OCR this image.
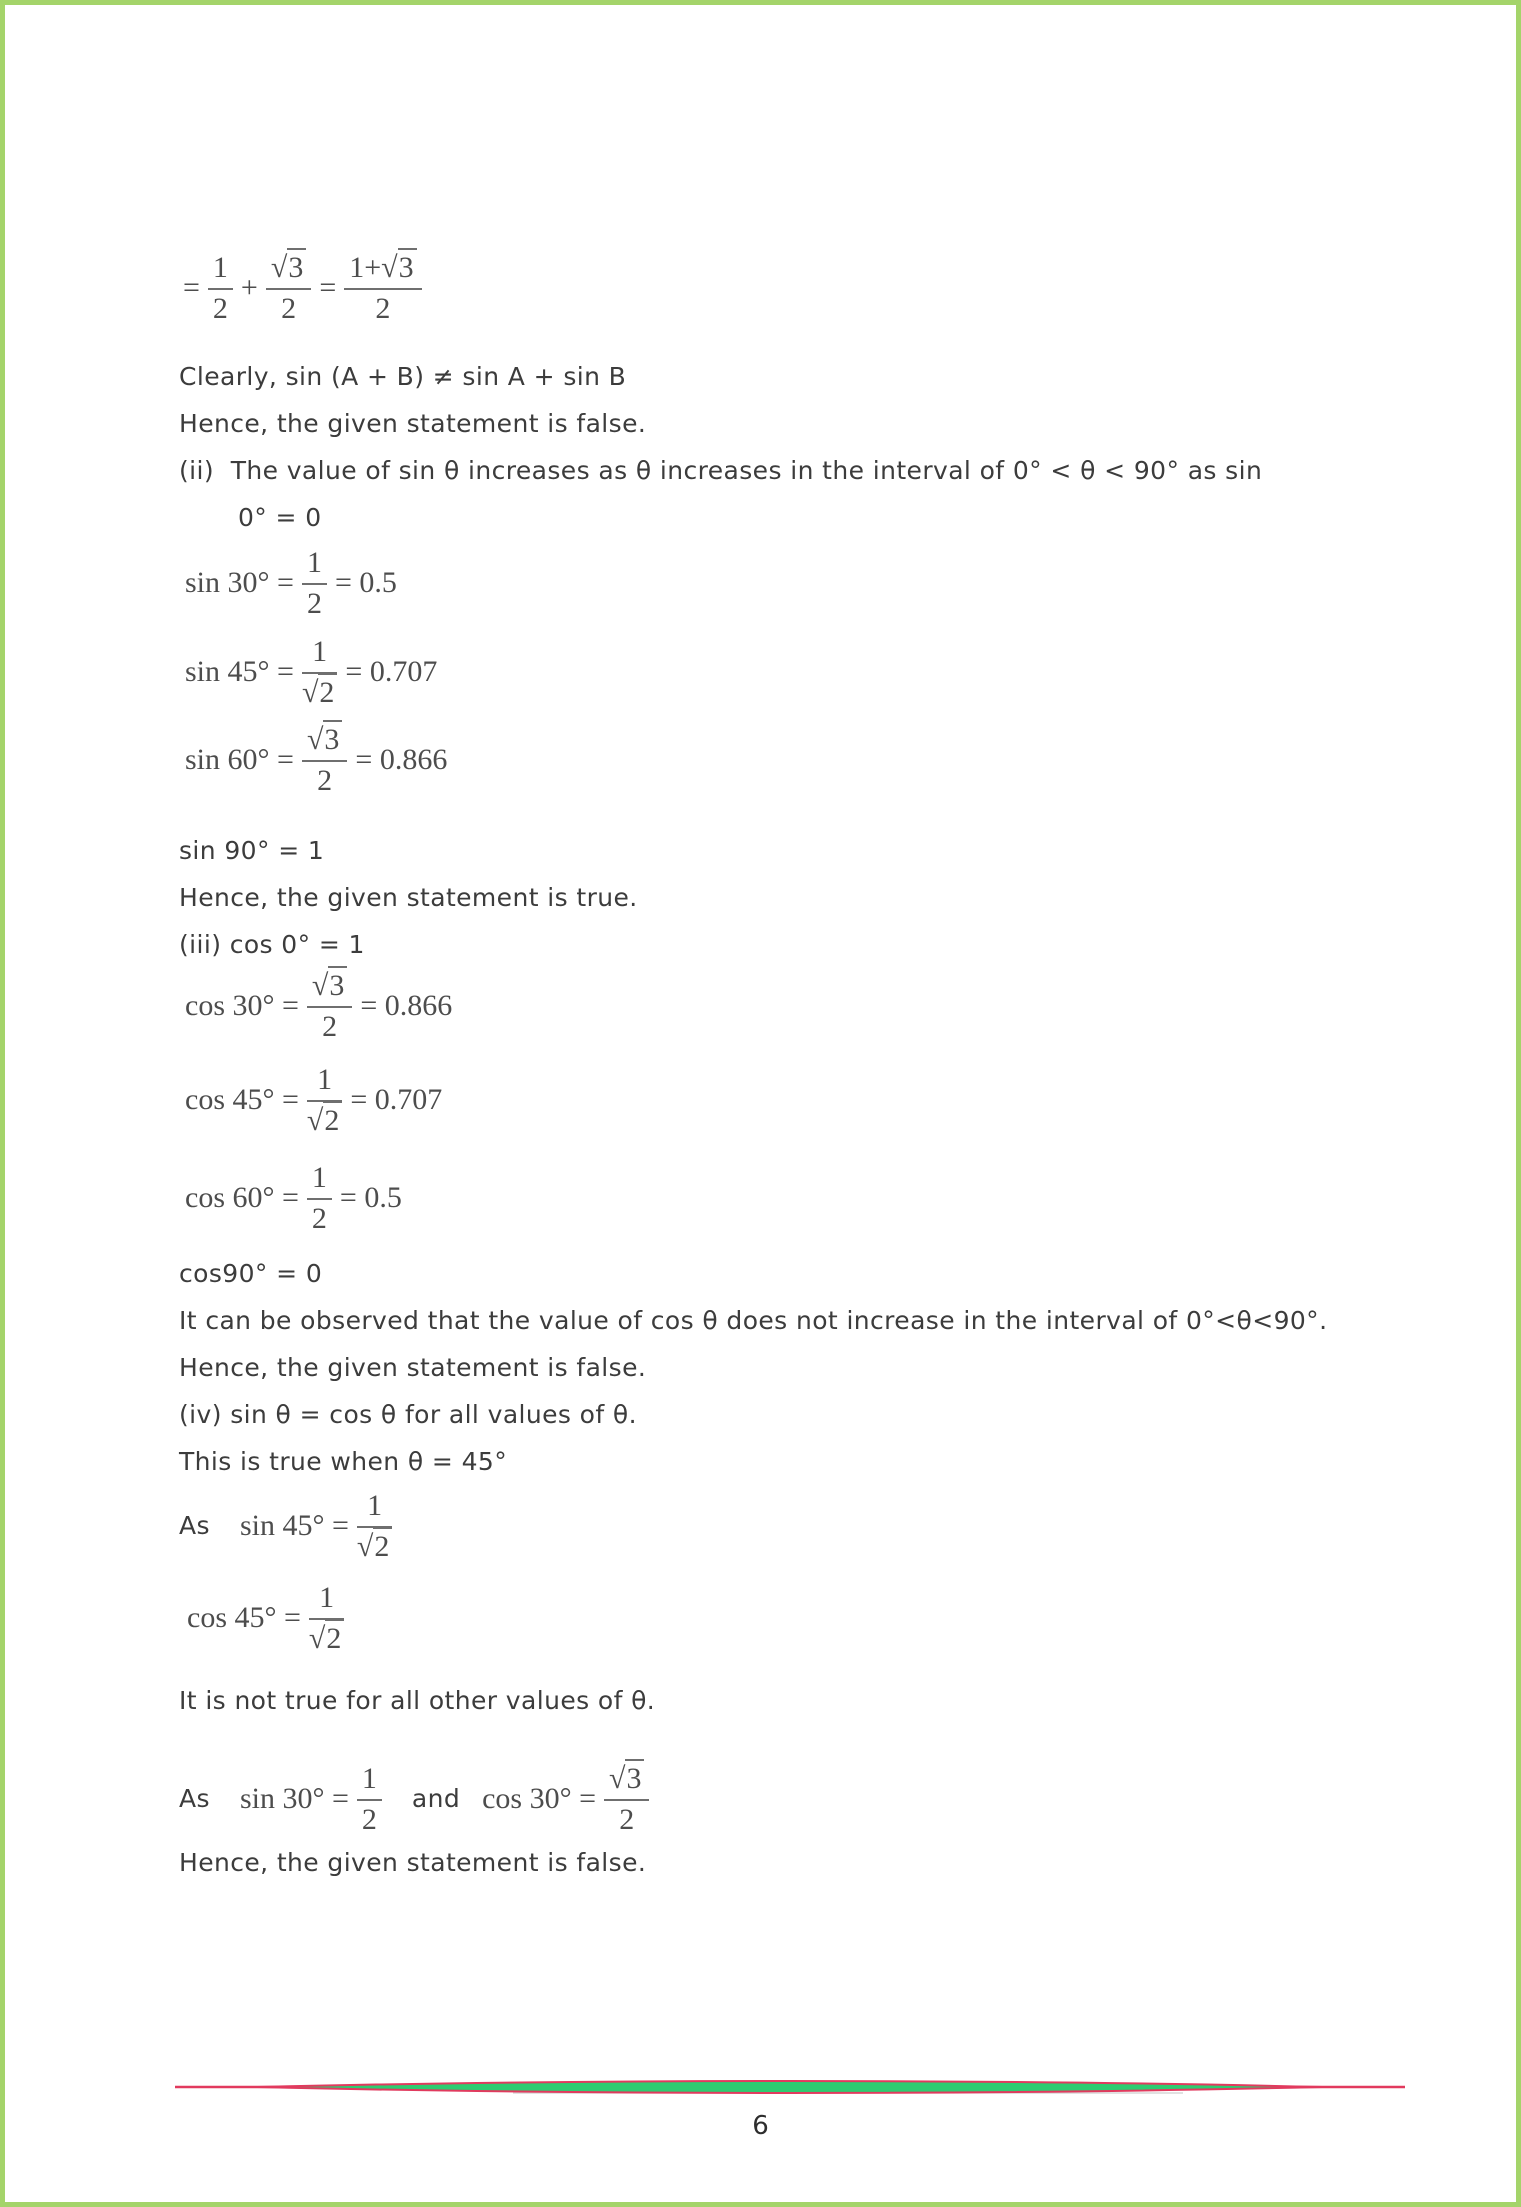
= $\frac{1}{2} + \frac{√3}{2} = \frac{1+√3}{2}$
Clearly, sin (A + B) ≠ sin A + sin B
Hence, the given statement is false.
(ii)  The value of sin θ increases as θ increases in the interval of 0° < θ < 90° as sin
0° = 0
$\sin 30^\circ = \frac{1}{2} = 0.5$
$\sin 45^\circ = \frac{1}{√2} = 0.707$
$\sin 60^\circ = \frac{√3}{2} = 0.866$
sin 90° = 1
Hence, the given statement is true.
(iii) cos 0° = 1
$\cos 30^\circ = \frac{√3}{2} = 0.866$
$\cos 45^\circ = \frac{1}{√2} = 0.707$
$\cos 60^\circ = \frac{1}{2} = 0.5$
cos90° = 0
It can be observed that the value of cos θ does not increase in the interval of 0°<θ<90°.
Hence, the given statement is false.
(iv) sin θ = cos θ for all values of θ.
This is true when θ = 45°
As $\sin 45^\circ = \frac{1}{√2}$
$\cos 45^\circ = \frac{1}{√2}$
It is not true for all other values of θ.
As $\sin 30^\circ = \frac{1}{2}$ and $\cos 30^\circ = \frac{√3}{2}$
Hence, the given statement is false.
6
